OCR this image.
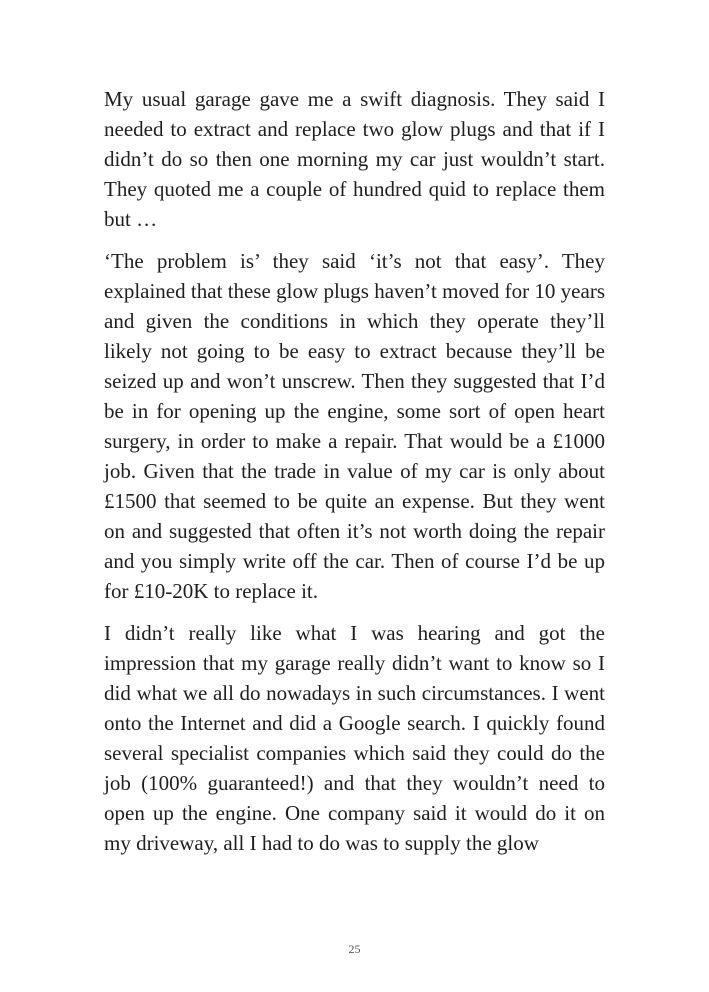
My usual garage gave me a swift diagnosis. They said I needed to extract and replace two glow plugs and that if I didn’t do so then one morning my car just wouldn’t start. They quoted me a couple of hundred quid to replace them but …

‘The problem is’ they said ‘it’s not that easy’. They explained that these glow plugs haven’t moved for 10 years and given the conditions in which they operate they’ll likely not going to be easy to extract because they’ll be seized up and won’t unscrew. Then they suggested that I’d be in for opening up the engine, some sort of open heart surgery, in order to make a repair. That would be a £1000 job. Given that the trade in value of my car is only about £1500 that seemed to be quite an expense. But they went on and suggested that often it’s not worth doing the repair and you simply write off the car. Then of course I’d be up for £10-20K to replace it.

I didn’t really like what I was hearing and got the impression that my garage really didn’t want to know so I did what we all do nowadays in such circumstances. I went onto the Internet and did a Google search. I quickly found several specialist companies which said they could do the job (100% guaranteed!) and that they wouldn’t need to open up the engine. One company said it would do it on my driveway, all I had to do was to supply the glow

25
